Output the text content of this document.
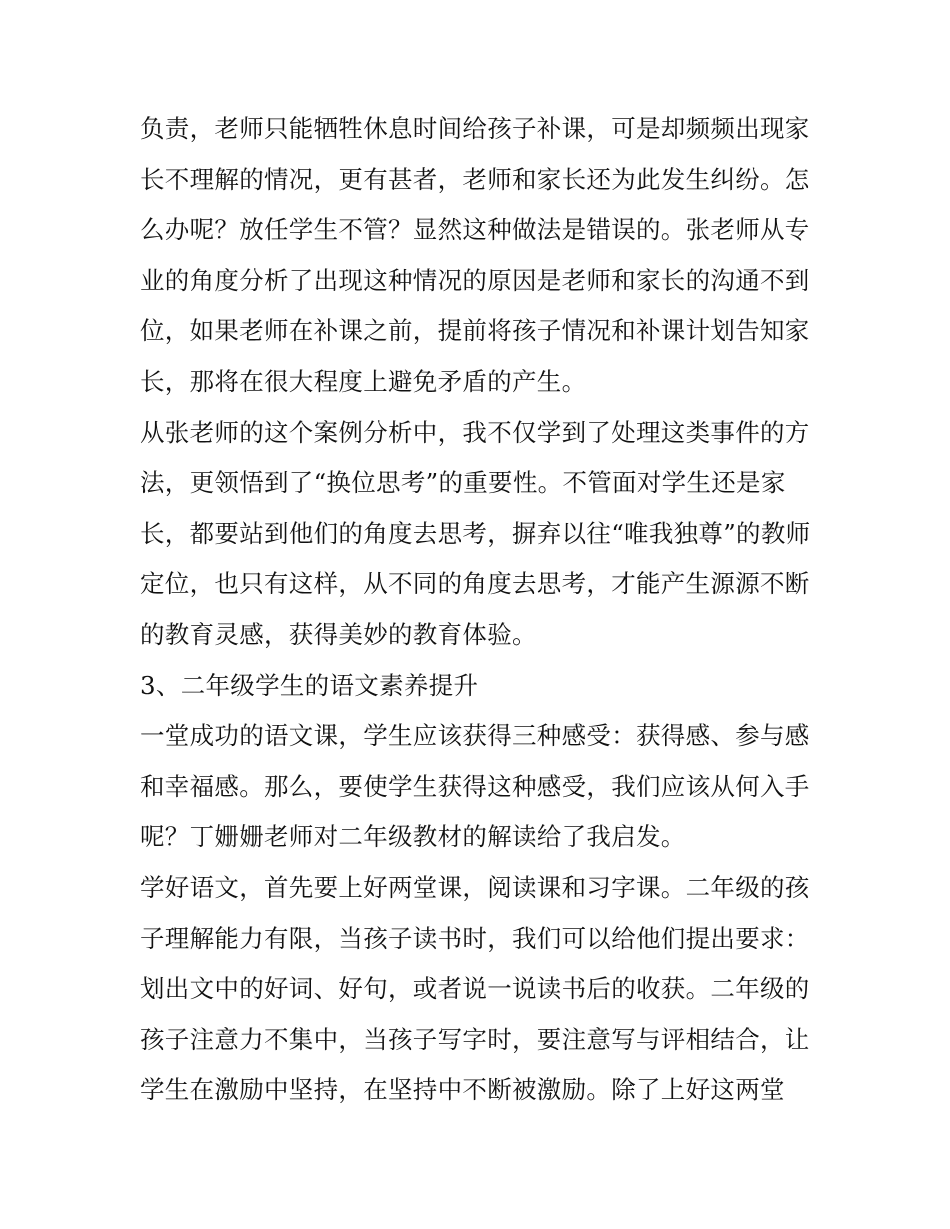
负责，老师只能牺牲休息时间给孩子补课，可是却频频出现家
长不理解的情况，更有甚者，老师和家长还为此发生纠纷。怎
么办呢？放任学生不管？显然这种做法是错误的。张老师从专
业的角度分析了出现这种情况的原因是老师和家长的沟通不到
位，如果老师在补课之前，提前将孩子情况和补课计划告知家
长，那将在很大程度上避免矛盾的产生。
从张老师的这个案例分析中，我不仅学到了处理这类事件的方
法，更领悟到了“换位思考”的重要性。不管面对学生还是家
长，都要站到他们的角度去思考，摒弃以往“唯我独尊”的教师
定位，也只有这样，从不同的角度去思考，才能产生源源不断
的教育灵感，获得美妙的教育体验。
3、二年级学生的语文素养提升
一堂成功的语文课，学生应该获得三种感受：获得感、参与感
和幸福感。那么，要使学生获得这种感受，我们应该从何入手
呢？丁姗姗老师对二年级教材的解读给了我启发。
学好语文，首先要上好两堂课，阅读课和习字课。二年级的孩
子理解能力有限，当孩子读书时，我们可以给他们提出要求：
划出文中的好词、好句，或者说一说读书后的收获。二年级的
孩子注意力不集中，当孩子写字时，要注意写与评相结合，让
学生在激励中坚持，在坚持中不断被激励。除了上好这两堂
